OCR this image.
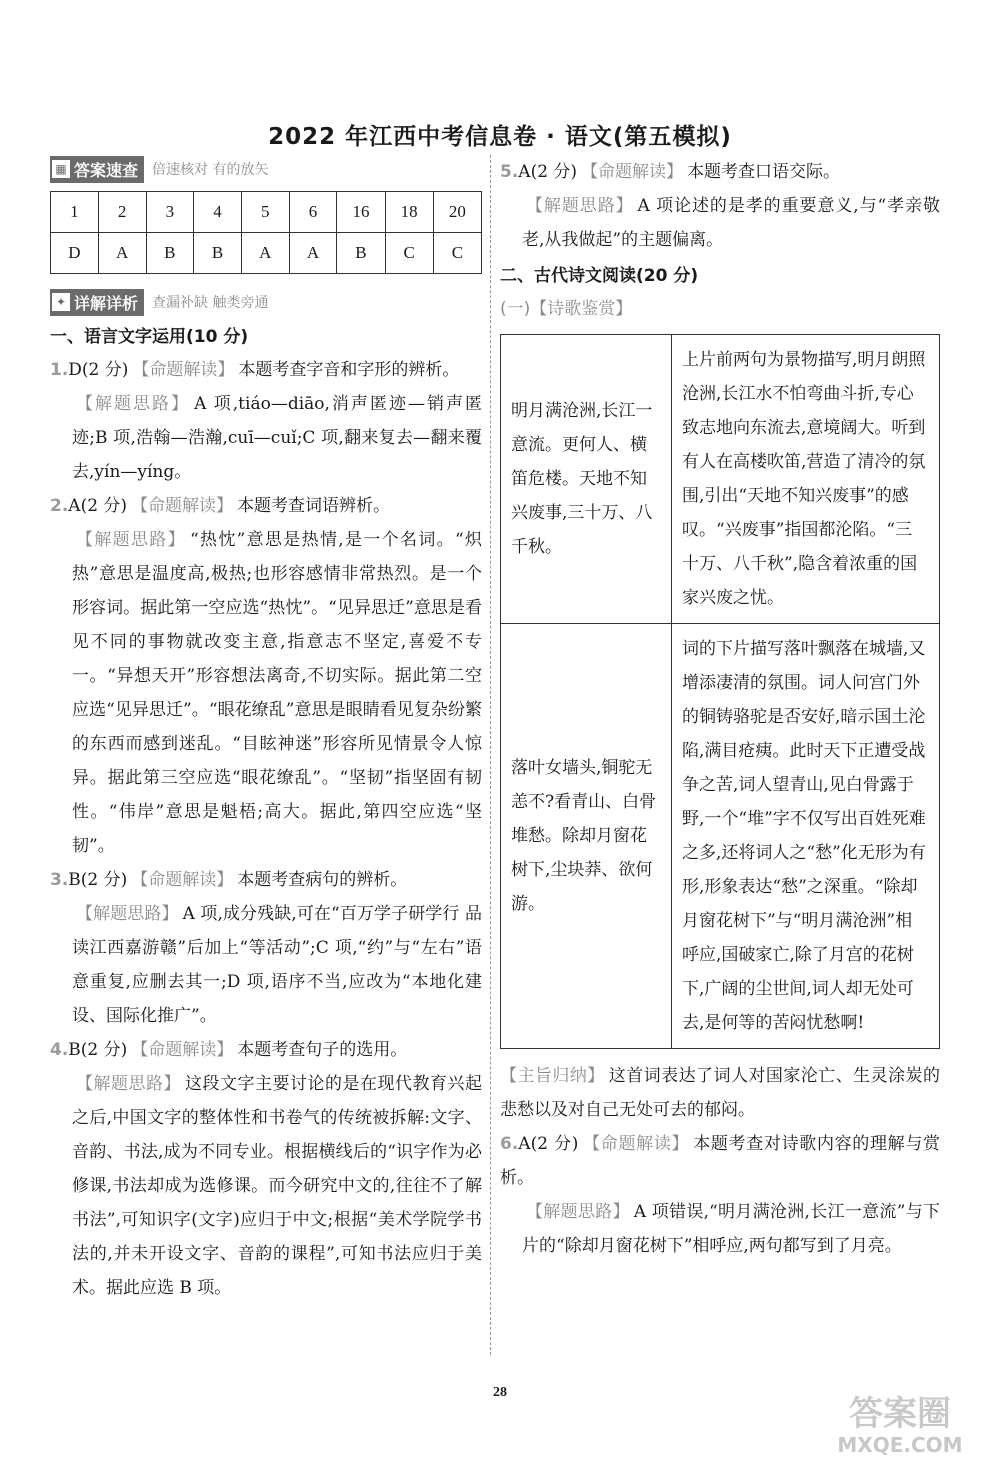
2022 年江西中考信息卷 · 语文(第五模拟)
▦ 答案速查 倍速核对 有的放矢
1	2	3	4	5	6	16	18	20
D	A	B	B	A	A	B	C	C
✦ 详解详析 查漏补缺 触类旁通
一、语言文字运用(10 分)

1.D(2 分) 【命题解读】 本题考查字音和字形的辨析。

【解题思路】 A 项,tiáo—diāo,消声匿迹—销声匿迹;B 项,浩翰—浩瀚,cuī—cuǐ;C 项,翻来复去—翻来覆去,yín—yíng。

2.A(2 分) 【命题解读】 本题考查词语辨析。

【解题思路】 “热忱”意思是热情,是一个名词。“炽热”意思是温度高,极热;也形容感情非常热烈。是一个形容词。据此第一空应选“热忱”。“见异思迁”意思是看见不同的事物就改变主意,指意志不坚定,喜爱不专一。“异想天开”形容想法离奇,不切实际。据此第二空应选“见异思迁”。“眼花缭乱”意思是眼睛看见复杂纷繁的东西而感到迷乱。“目眩神迷”形容所见情景令人惊异。据此第三空应选“眼花缭乱”。“坚韧”指坚固有韧性。“伟岸”意思是魁梧;高大。据此,第四空应选“坚韧”。

3.B(2 分) 【命题解读】 本题考查病句的辨析。

【解题思路】 A 项,成分残缺,可在“百万学子研学行 品读江西嘉游赣”后加上“等活动”;C 项,“约”与“左右”语意重复,应删去其一;D 项,语序不当,应改为“本地化建设、国际化推广”。

4.B(2 分) 【命题解读】 本题考查句子的选用。

【解题思路】 这段文字主要讨论的是在现代教育兴起之后,中国文字的整体性和书卷气的传统被拆解:文字、音韵、书法,成为不同专业。根据横线后的“识字作为必修课,书法却成为选修课。而今研究中文的,往往不了解书法”,可知识字(文字)应归于中文;根据“美术学院学书法的,并未开设文字、音韵的课程”,可知书法应归于美术。据此应选 B 项。

5.A(2 分) 【命题解读】 本题考查口语交际。

【解题思路】 A 项论述的是孝的重要意义,与“孝亲敬老,从我做起”的主题偏离。

二、古代诗文阅读(20 分)

(一)【诗歌鉴赏】

明月满沧洲,长江一意流。更何人、横笛危楼。天地不知兴废事,三十万、八千秋。	上片前两句为景物描写,明月朗照沧洲,长江水不怕弯曲斗折,专心致志地向东流去,意境阔大。听到有人在高楼吹笛,营造了清冷的氛围,引出“天地不知兴废事”的感叹。“兴废事”指国都沦陷。“三十万、八千秋”,隐含着浓重的国家兴废之忧。
落叶女墙头,铜驼无恙不?看青山、白骨堆愁。除却月窗花树下,尘块莽、欲何游。	词的下片描写落叶飘落在城墙,又增添凄清的氛围。词人问宫门外的铜铸骆驼是否安好,暗示国土沦陷,满目疮痍。此时天下正遭受战争之苦,词人望青山,见白骨露于野,一个“堆”字不仅写出百姓死难之多,还将词人之“愁”化无形为有形,形象表达“愁”之深重。“除却月窗花树下”与“明月满沧洲”相呼应,国破家亡,除了月宫的花树下,广阔的尘世间,词人却无处可去,是何等的苦闷忧愁啊!

【主旨归纳】 这首词表达了词人对国家沦亡、生灵涂炭的悲愁以及对自己无处可去的郁闷。

6.A(2 分) 【命题解读】 本题考查对诗歌内容的理解与赏析。

【解题思路】 A 项错误,“明月满沧洲,长江一意流”与下片的“除却月窗花树下”相呼应,两句都写到了月亮。

28
答案圈
MXQE.COM
